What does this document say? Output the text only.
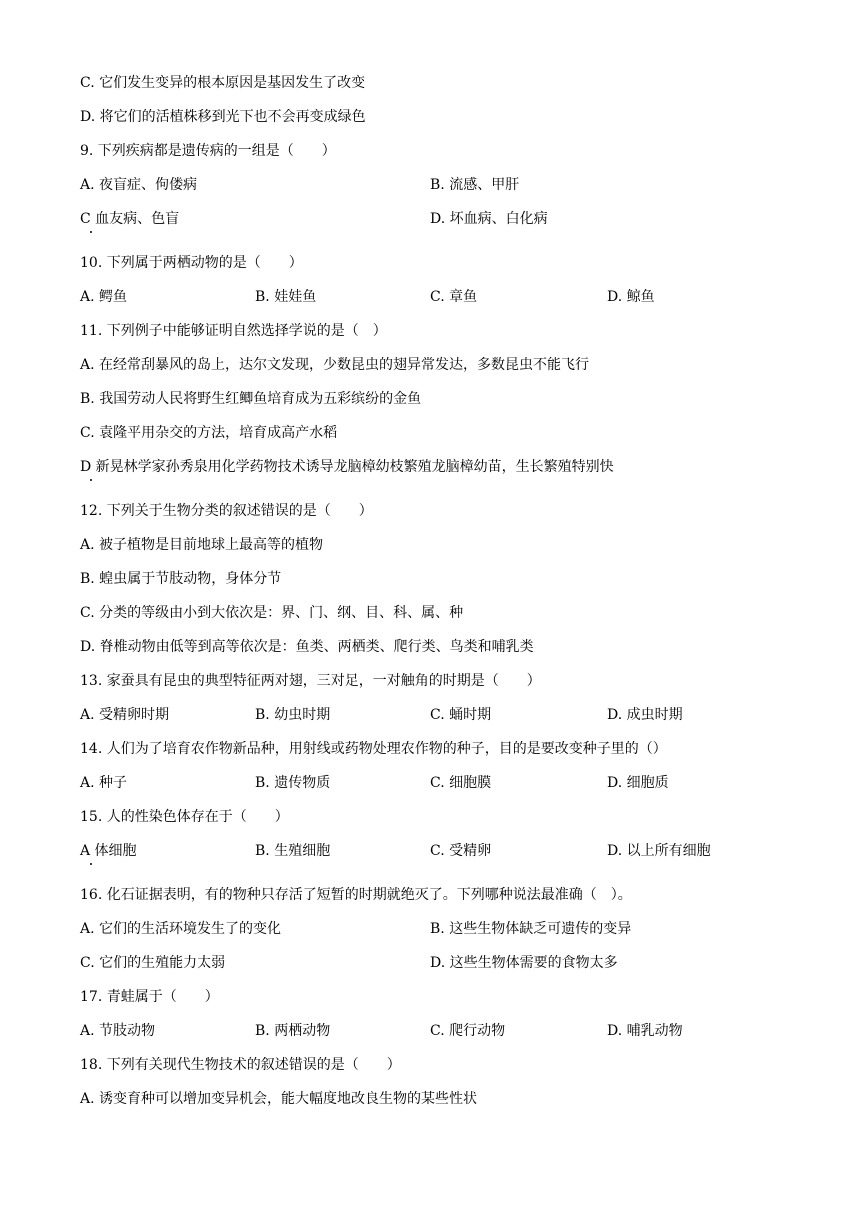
C. 它们发生变异的根本原因是基因发生了改变
D. 将它们的活植株移到光下也不会再变成绿色
9. 下列疾病都是遗传病的一组是（　　）
A. 夜盲症、佝偻病	B. 流感、甲肝
C 血友病、色盲	D. 坏血病、白化病
10. 下列属于两栖动物的是（　　）
A. 鳄鱼	B. 娃娃鱼	C. 章鱼	D. 鲸鱼
11. 下列例子中能够证明自然选择学说的是（　）
A. 在经常刮暴风的岛上，达尔文发现，少数昆虫的翅异常发达，多数昆虫不能飞行
B. 我国劳动人民将野生红鲫鱼培育成为五彩缤纷的金鱼
C. 袁隆平用杂交的方法，培育成高产水稻
D 新晃林学家孙秀泉用化学药物技术诱导龙脑樟幼枝繁殖龙脑樟幼苗，生长繁殖特别快
12. 下列关于生物分类的叙述错误的是（　　）
A. 被子植物是目前地球上最高等的植物
B. 蝗虫属于节肢动物，身体分节
C. 分类的等级由小到大依次是：界、门、纲、目、科、属、种
D. 脊椎动物由低等到高等依次是：鱼类、两栖类、爬行类、鸟类和哺乳类
13. 家蚕具有昆虫的典型特征两对翅，三对足，一对触角的时期是（　　）
A. 受精卵时期	B. 幼虫时期	C. 蛹时期	D. 成虫时期
14. 人们为了培育农作物新品种，用射线或药物处理农作物的种子，目的是要改变种子里的（）
A. 种子	B. 遗传物质	C. 细胞膜	D. 细胞质
15. 人的性染色体存在于（　　）
A 体细胞	B. 生殖细胞	C. 受精卵	D. 以上所有细胞
16. 化石证据表明，有的物种只存活了短暂的时期就绝灭了。下列哪种说法最准确（　）。
A. 它们的生活环境发生了的变化	B. 这些生物体缺乏可遗传的变异
C. 它们的生殖能力太弱	D. 这些生物体需要的食物太多
17. 青蛙属于（　　）
A. 节肢动物	B. 两栖动物	C. 爬行动物	D. 哺乳动物
18. 下列有关现代生物技术的叙述错误的是（　　）
A. 诱变育种可以增加变异机会，能大幅度地改良生物的某些性状
